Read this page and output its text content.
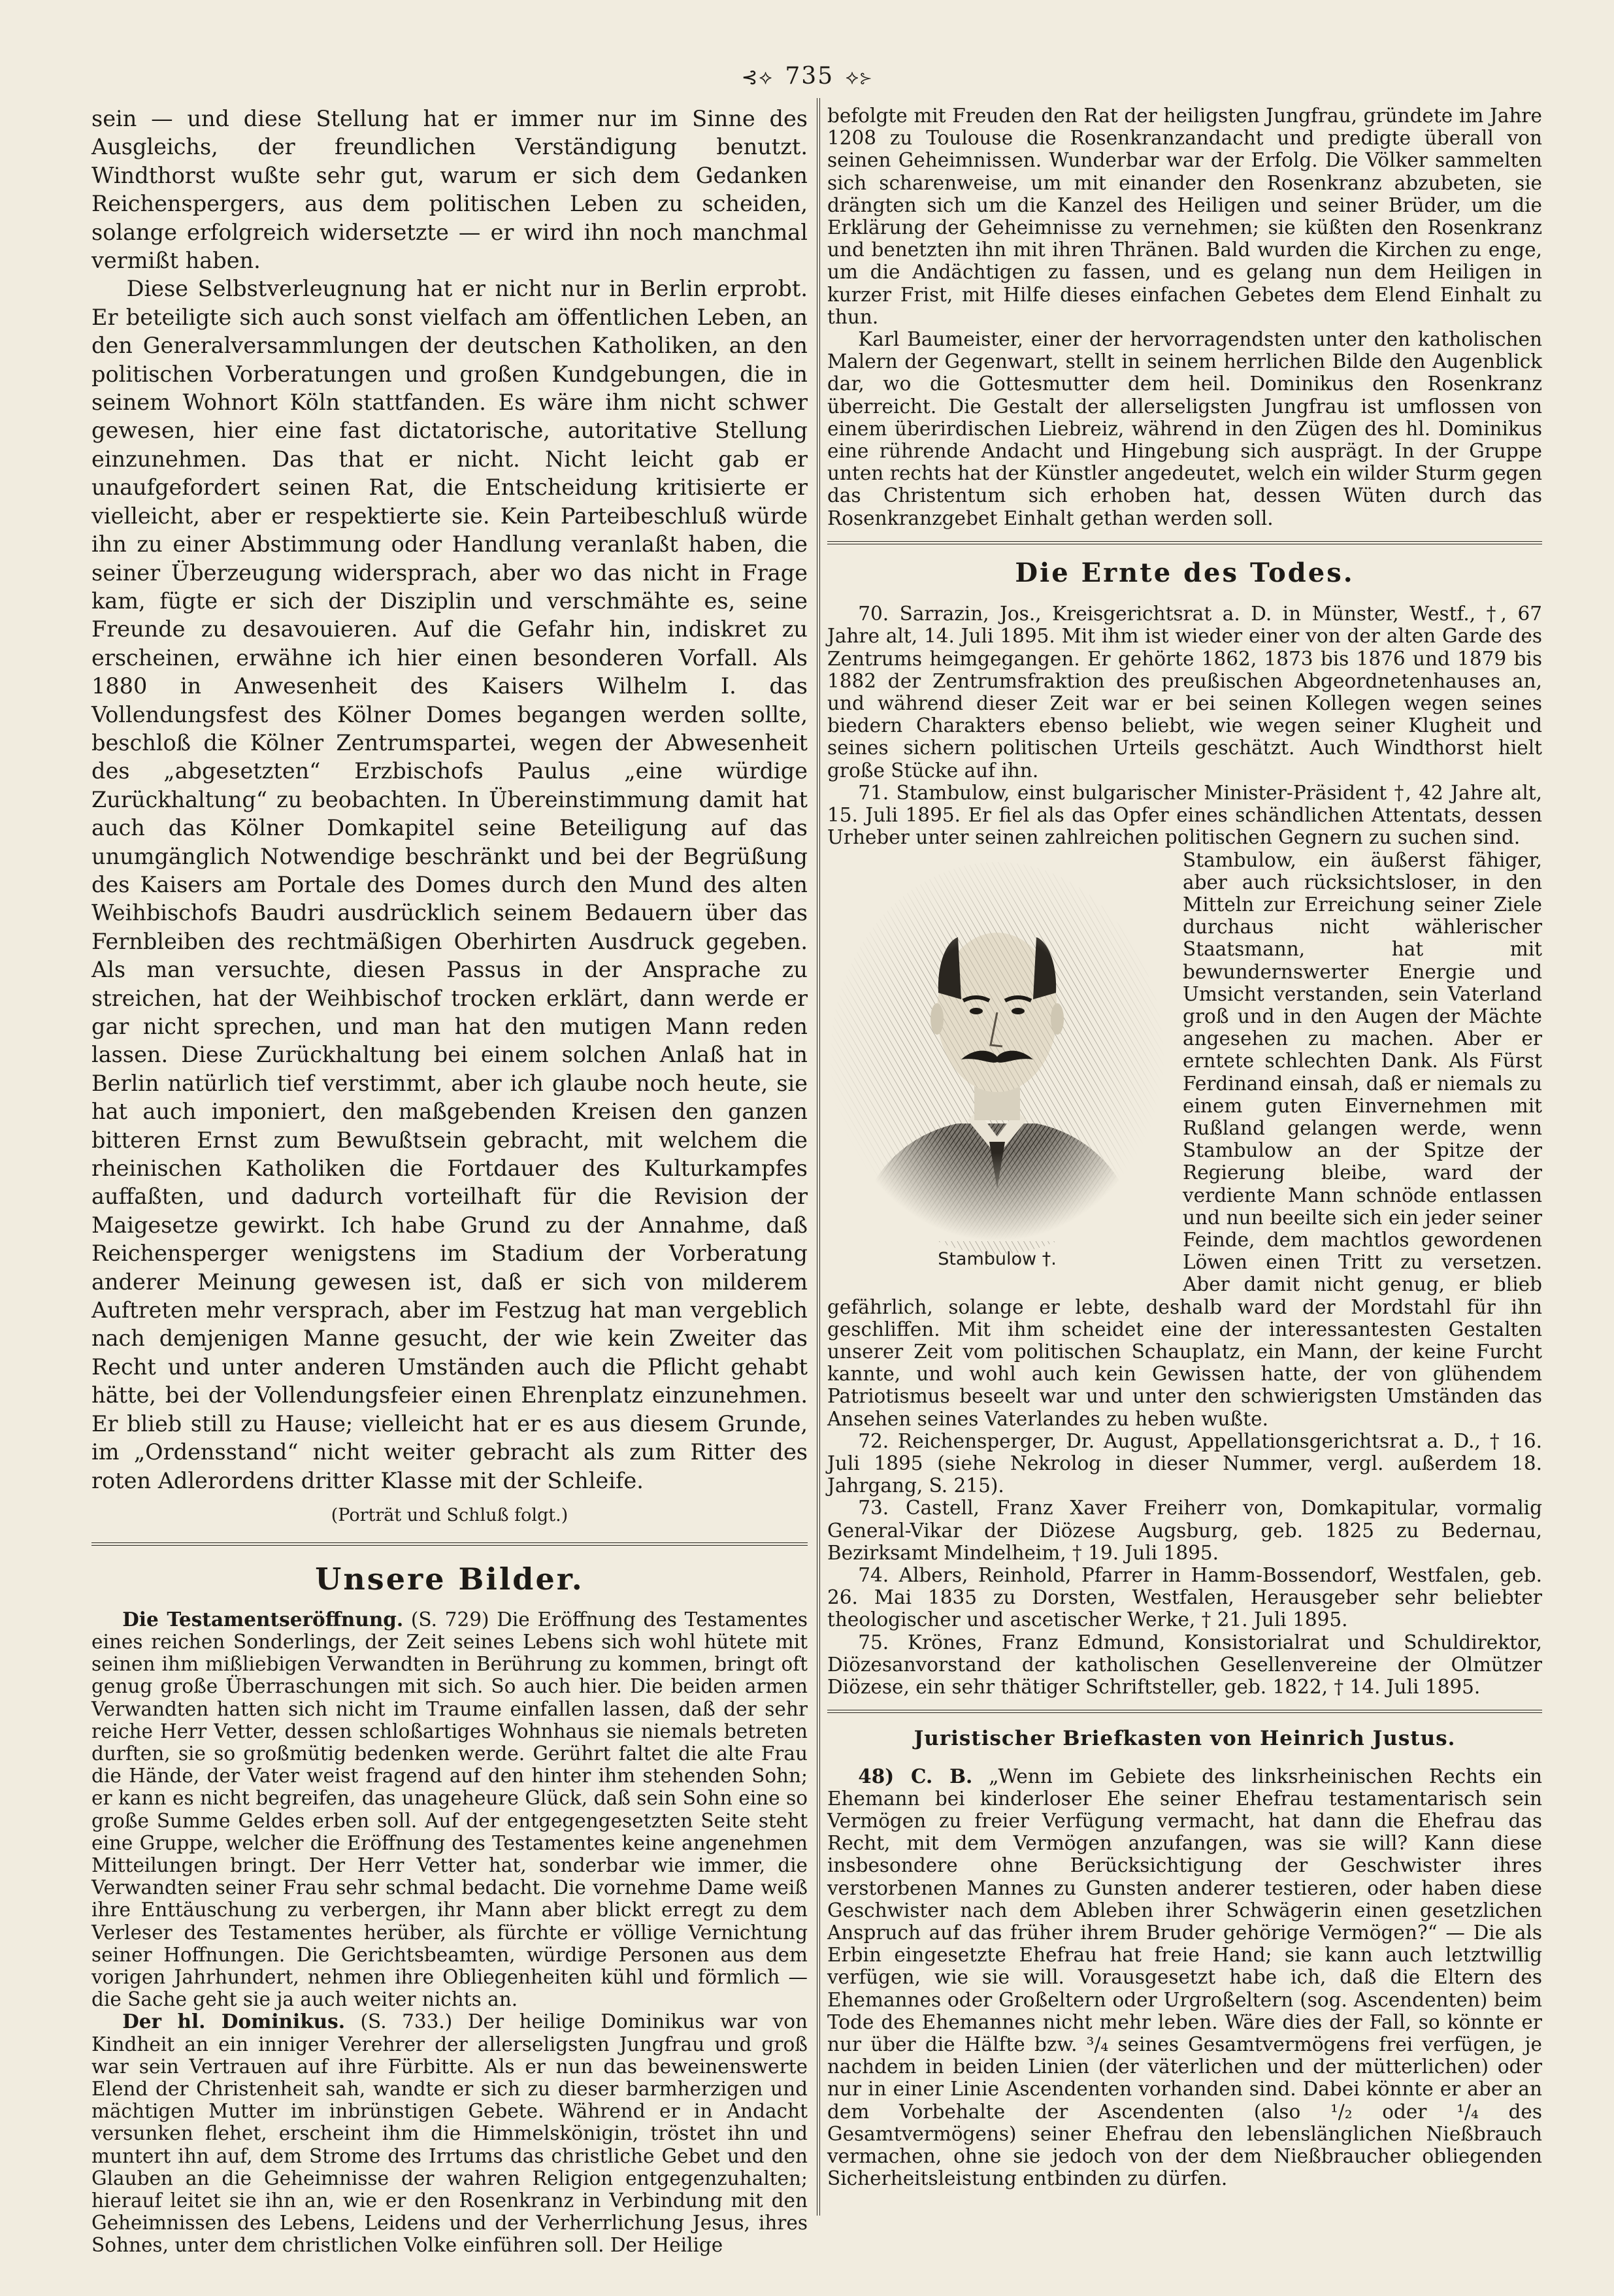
⊰⟡ 735 ⟡⊱

sein — und diese Stellung hat er immer nur im Sinne des Ausgleichs, der freundlichen Verständigung benutzt. Windthorst wußte sehr gut, warum er sich dem Gedanken Reichenspergers, aus dem politischen Leben zu scheiden, solange erfolgreich widersetzte — er wird ihn noch manchmal vermißt haben.

Diese Selbstverleugnung hat er nicht nur in Berlin erprobt. Er beteiligte sich auch sonst vielfach am öffentlichen Leben, an den Generalversammlungen der deutschen Katholiken, an den politischen Vorberatungen und großen Kundgebungen, die in seinem Wohnort Köln stattfanden. Es wäre ihm nicht schwer gewesen, hier eine fast dictatorische, autoritative Stellung einzunehmen. Das that er nicht. Nicht leicht gab er unaufgefordert seinen Rat, die Entscheidung kritisierte er vielleicht, aber er respektierte sie. Kein Parteibeschluß würde ihn zu einer Abstimmung oder Handlung veranlaßt haben, die seiner Überzeugung widersprach, aber wo das nicht in Frage kam, fügte er sich der Disziplin und verschmähte es, seine Freunde zu desavouieren. Auf die Gefahr hin, indiskret zu erscheinen, erwähne ich hier einen besonderen Vorfall. Als 1880 in Anwesenheit des Kaisers Wilhelm I. das Vollendungsfest des Kölner Domes begangen werden sollte, beschloß die Kölner Zentrumspartei, wegen der Abwesenheit des „abgesetzten“ Erzbischofs Paulus „eine würdige Zurückhaltung“ zu beobachten. In Übereinstimmung damit hat auch das Kölner Domkapitel seine Beteiligung auf das unumgänglich Notwendige beschränkt und bei der Begrüßung des Kaisers am Portale des Domes durch den Mund des alten Weihbischofs Baudri ausdrücklich seinem Bedauern über das Fernbleiben des rechtmäßigen Oberhirten Ausdruck gegeben. Als man versuchte, diesen Passus in der Ansprache zu streichen, hat der Weihbischof trocken erklärt, dann werde er gar nicht sprechen, und man hat den mutigen Mann reden lassen. Diese Zurückhaltung bei einem solchen Anlaß hat in Berlin natürlich tief verstimmt, aber ich glaube noch heute, sie hat auch imponiert, den maßgebenden Kreisen den ganzen bitteren Ernst zum Bewußtsein gebracht, mit welchem die rheinischen Katholiken die Fortdauer des Kulturkampfes auffaßten, und dadurch vorteilhaft für die Revision der Maigesetze gewirkt. Ich habe Grund zu der Annahme, daß Reichensperger wenigstens im Stadium der Vorberatung anderer Meinung gewesen ist, daß er sich von milderem Auftreten mehr versprach, aber im Festzug hat man vergeblich nach demjenigen Manne gesucht, der wie kein Zweiter das Recht und unter anderen Umständen auch die Pflicht gehabt hätte, bei der Vollendungsfeier einen Ehrenplatz einzunehmen. Er blieb still zu Hause; vielleicht hat er es aus diesem Grunde, im „Ordensstand“ nicht weiter gebracht als zum Ritter des roten Adlerordens dritter Klasse mit der Schleife.

(Porträt und Schluß folgt.)

Unsere Bilder.

Die Testamentseröffnung. (S. 729) Die Eröffnung des Testamentes eines reichen Sonderlings, der Zeit seines Lebens sich wohl hütete mit seinen ihm mißliebigen Verwandten in Berührung zu kommen, bringt oft genug große Überraschungen mit sich. So auch hier. Die beiden armen Verwandten hatten sich nicht im Traume einfallen lassen, daß der sehr reiche Herr Vetter, dessen schloßartiges Wohnhaus sie niemals betreten durften, sie so großmütig bedenken werde. Gerührt faltet die alte Frau die Hände, der Vater weist fragend auf den hinter ihm stehenden Sohn; er kann es nicht begreifen, das unageheure Glück, daß sein Sohn eine so große Summe Geldes erben soll. Auf der entgegengesetzten Seite steht eine Gruppe, welcher die Eröffnung des Testamentes keine angenehmen Mitteilungen bringt. Der Herr Vetter hat, sonderbar wie immer, die Verwandten seiner Frau sehr schmal bedacht. Die vornehme Dame weiß ihre Enttäuschung zu verbergen, ihr Mann aber blickt erregt zu dem Verleser des Testamentes herüber, als fürchte er völlige Vernichtung seiner Hoffnungen. Die Gerichtsbeamten, würdige Personen aus dem vorigen Jahrhundert, nehmen ihre Obliegenheiten kühl und förmlich — die Sache geht sie ja auch weiter nichts an.

Der hl. Dominikus. (S. 733.) Der heilige Dominikus war von Kindheit an ein inniger Verehrer der allerseligsten Jungfrau und groß war sein Vertrauen auf ihre Fürbitte. Als er nun das beweinenswerte Elend der Christenheit sah, wandte er sich zu dieser barmherzigen und mächtigen Mutter im inbrünstigen Gebete. Während er in Andacht versunken flehet, erscheint ihm die Himmelskönigin, tröstet ihn und muntert ihn auf, dem Strome des Irrtums das christliche Gebet und den Glauben an die Geheimnisse der wahren Religion entgegenzuhalten; hierauf leitet sie ihn an, wie er den Rosenkranz in Verbindung mit den Geheimnissen des Lebens, Leidens und der Verherrlichung Jesus, ihres Sohnes, unter dem christlichen Volke einführen soll. Der Heilige

befolgte mit Freuden den Rat der heiligsten Jungfrau, gründete im Jahre 1208 zu Toulouse die Rosenkranzandacht und predigte überall von seinen Geheimnissen. Wunderbar war der Erfolg. Die Völker sammelten sich scharenweise, um mit einander den Rosenkranz abzubeten, sie drängten sich um die Kanzel des Heiligen und seiner Brüder, um die Erklärung der Geheimnisse zu vernehmen; sie küßten den Rosenkranz und benetzten ihn mit ihren Thränen. Bald wurden die Kirchen zu enge, um die Andächtigen zu fassen, und es gelang nun dem Heiligen in kurzer Frist, mit Hilfe dieses einfachen Gebetes dem Elend Einhalt zu thun.

Karl Baumeister, einer der hervorragendsten unter den katholischen Malern der Gegenwart, stellt in seinem herrlichen Bilde den Augenblick dar, wo die Gottesmutter dem heil. Dominikus den Rosenkranz überreicht. Die Gestalt der allerseligsten Jungfrau ist umflossen von einem überirdischen Liebreiz, während in den Zügen des hl. Dominikus eine rührende Andacht und Hingebung sich ausprägt. In der Gruppe unten rechts hat der Künstler angedeutet, welch ein wilder Sturm gegen das Christentum sich erhoben hat, dessen Wüten durch das Rosenkranzgebet Einhalt gethan werden soll.

Die Ernte des Todes.

70. Sarrazin, Jos., Kreisgerichtsrat a. D. in Münster, Westf., †, 67 Jahre alt, 14. Juli 1895. Mit ihm ist wieder einer von der alten Garde des Zentrums heimgegangen. Er gehörte 1862, 1873 bis 1876 und 1879 bis 1882 der Zentrumsfraktion des preußischen Abgeordnetenhauses an, und während dieser Zeit war er bei seinen Kollegen wegen seines biedern Charakters ebenso beliebt, wie wegen seiner Klugheit und seines sichern politischen Urteils geschätzt. Auch Windthorst hielt große Stücke auf ihn.

71. Stambulow, einst bulgarischer Minister-Präsident †, 42 Jahre alt, 15. Juli 1895. Er fiel als das Opfer eines schändlichen Attentats, dessen Urheber unter seinen zahlreichen politischen Gegnern zu suchen sind.

Stambulow †.

Stambulow, ein äußerst fähiger, aber auch rücksichtsloser, in den Mitteln zur Erreichung seiner Ziele durchaus nicht wählerischer Staatsmann, hat mit bewundernswerter Energie und Umsicht verstanden, sein Vaterland groß und in den Augen der Mächte angesehen zu machen. Aber er erntete schlechten Dank. Als Fürst Ferdinand einsah, daß er niemals zu einem guten Einvernehmen mit Rußland gelangen werde, wenn Stambulow an der Spitze der Regierung bleibe, ward der verdiente Mann schnöde entlassen und nun beeilte sich ein jeder seiner Feinde, dem machtlos gewordenen Löwen einen Tritt zu versetzen. Aber damit nicht genug, er blieb gefährlich, solange er lebte, deshalb ward der Mordstahl für ihn geschliffen. Mit ihm scheidet eine der interessantesten Gestalten unserer Zeit vom politischen Schauplatz, ein Mann, der keine Furcht kannte, und wohl auch kein Gewissen hatte, der von glühendem Patriotismus beseelt war und unter den schwierigsten Umständen das Ansehen seines Vaterlandes zu heben wußte.

72. Reichensperger, Dr. August, Appellationsgerichtsrat a. D., † 16. Juli 1895 (siehe Nekrolog in dieser Nummer, vergl. außerdem 18. Jahrgang, S. 215).

73. Castell, Franz Xaver Freiherr von, Domkapitular, vormalig General-Vikar der Diözese Augsburg, geb. 1825 zu Bedernau, Bezirksamt Mindelheim, † 19. Juli 1895.

74. Albers, Reinhold, Pfarrer in Hamm-Bossendorf, Westfalen, geb. 26. Mai 1835 zu Dorsten, Westfalen, Herausgeber sehr beliebter theologischer und ascetischer Werke, † 21. Juli 1895.

75. Krönes, Franz Edmund, Konsistorialrat und Schuldirektor, Diözesanvorstand der katholischen Gesellenvereine der Olmützer Diözese, ein sehr thätiger Schriftsteller, geb. 1822, † 14. Juli 1895.

Juristischer Briefkasten von Heinrich Justus.

48) C. B. „Wenn im Gebiete des linksrheinischen Rechts ein Ehemann bei kinderloser Ehe seiner Ehefrau testamentarisch sein Vermögen zu freier Verfügung vermacht, hat dann die Ehefrau das Recht, mit dem Vermögen anzufangen, was sie will? Kann diese insbesondere ohne Berücksichtigung der Geschwister ihres verstorbenen Mannes zu Gunsten anderer testieren, oder haben diese Geschwister nach dem Ableben ihrer Schwägerin einen gesetzlichen Anspruch auf das früher ihrem Bruder gehörige Vermögen?“ — Die als Erbin eingesetzte Ehefrau hat freie Hand; sie kann auch letztwillig verfügen, wie sie will. Vorausgesetzt habe ich, daß die Eltern des Ehemannes oder Großeltern oder Urgroßeltern (sog. Ascendenten) beim Tode des Ehemannes nicht mehr leben. Wäre dies der Fall, so könnte er nur über die Hälfte bzw. ³/₄ seines Gesamtvermögens frei verfügen, je nachdem in beiden Linien (der väterlichen und der mütterlichen) oder nur in einer Linie Ascendenten vorhanden sind. Dabei könnte er aber an dem Vorbehalte der Ascendenten (also ¹/₂ oder ¹/₄ des Gesamtvermögens) seiner Ehefrau den lebenslänglichen Nießbrauch vermachen, ohne sie jedoch von der dem Nießbraucher obliegenden Sicherheitsleistung entbinden zu dürfen.
